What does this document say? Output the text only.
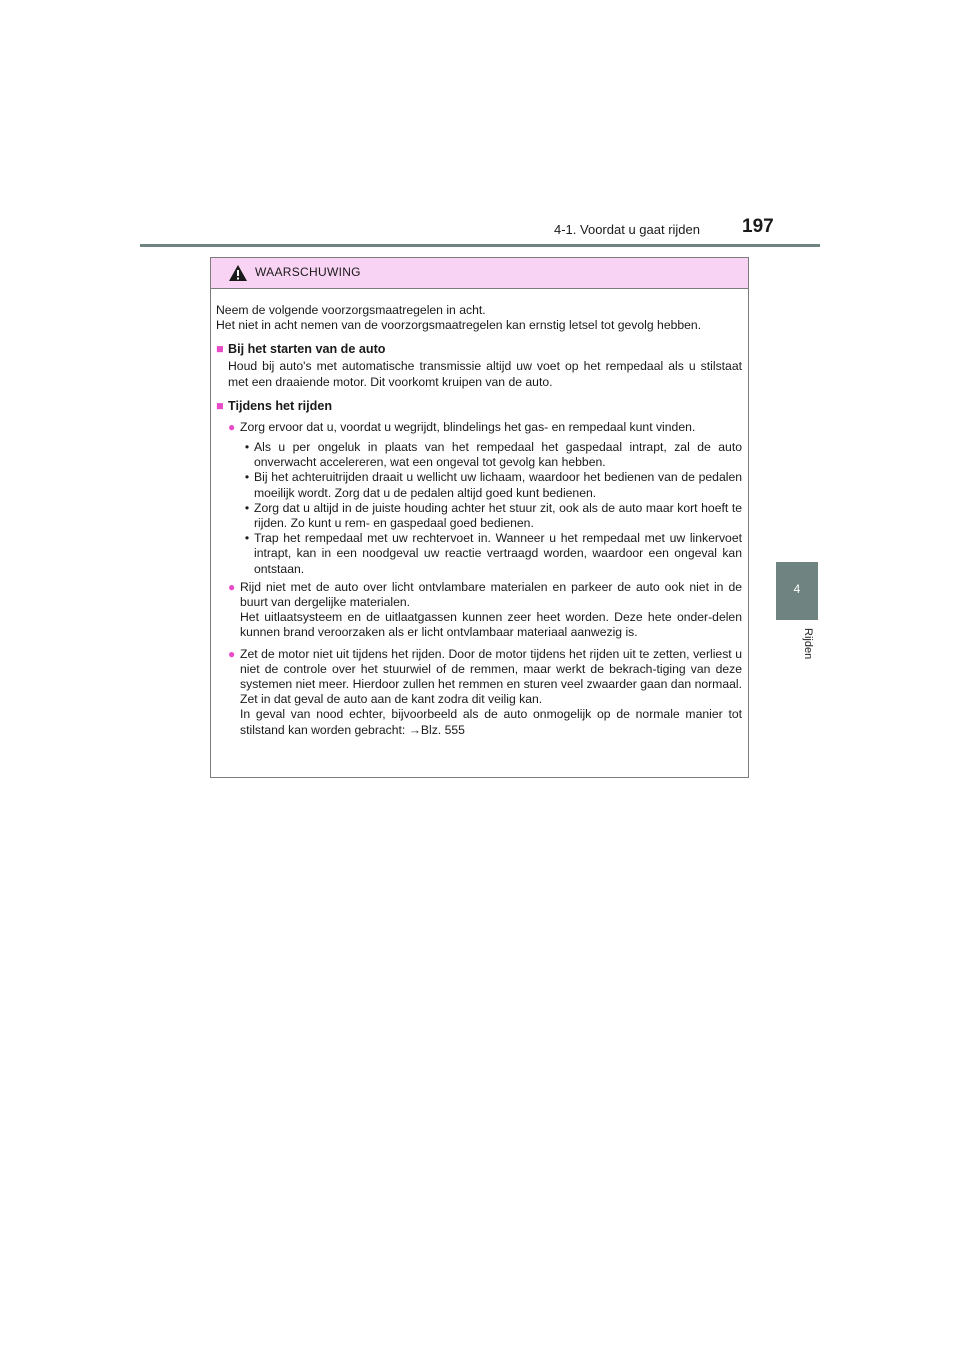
4-1. Voordat u gaat rijden 197
4
Rijden
WAARSCHUWING

Neem de volgende voorzorgsmaatregelen in acht.

Het niet in acht nemen van de voorzorgsmaatregelen kan ernstig letsel tot gevolg hebben.

■ Bij het starten van de auto

Houd bij auto's met automatische transmissie altijd uw voet op het rempedaal als u stilstaat met een draaiende motor. Dit voorkomt kruipen van de auto.

■ Tijdens het rijden
● Zorg ervoor dat u, voordat u wegrijdt, blindelings het gas- en rempedaal kunt vinden.
• Als u per ongeluk in plaats van het rempedaal het gaspedaal intrapt, zal de auto onverwacht accelereren, wat een ongeval tot gevolg kan hebben.
• Bij het achteruitrijden draait u wellicht uw lichaam, waardoor het bedienen van de pedalen moeilijk wordt. Zorg dat u de pedalen altijd goed kunt bedienen.
• Zorg dat u altijd in de juiste houding achter het stuur zit, ook als de auto maar kort hoeft te rijden. Zo kunt u rem- en gaspedaal goed bedienen.
• Trap het rempedaal met uw rechtervoet in. Wanneer u het rempedaal met uw linkervoet intrapt, kan in een noodgeval uw reactie vertraagd worden, waardoor een ongeval kan ontstaan.
● Rijd niet met de auto over licht ontvlambare materialen en parkeer de auto ook niet in de buurt van dergelijke materialen.
Het uitlaatsysteem en de uitlaatgassen kunnen zeer heet worden. Deze hete onder-delen kunnen brand veroorzaken als er licht ontvlambaar materiaal aanwezig is.
● Zet de motor niet uit tijdens het rijden. Door de motor tijdens het rijden uit te zetten, verliest u niet de controle over het stuurwiel of de remmen, maar werkt de bekrach-tiging van deze systemen niet meer. Hierdoor zullen het remmen en sturen veel zwaarder gaan dan normaal. Zet in dat geval de auto aan de kant zodra dit veilig kan.
In geval van nood echter, bijvoorbeeld als de auto onmogelijk op de normale manier tot stilstand kan worden gebracht: →Blz. 555
